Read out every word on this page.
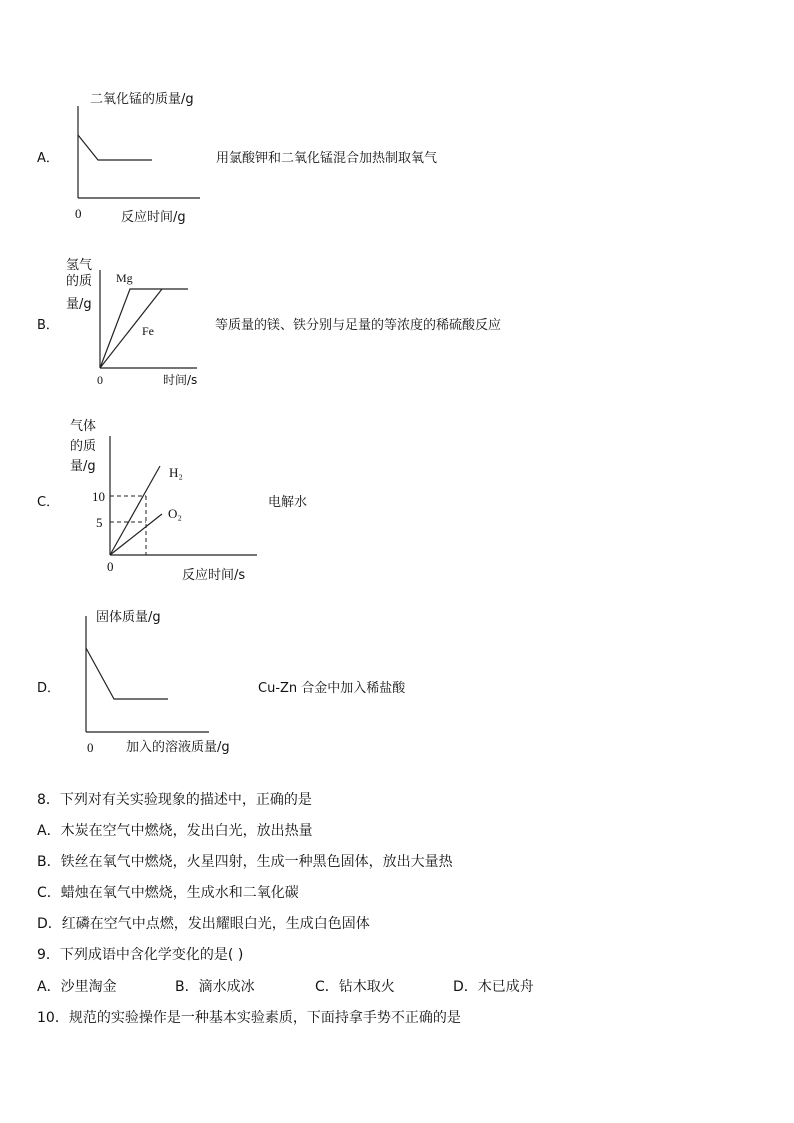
A．
二氧化锰的质量/g
0	反应时间/g
用氯酸钾和二氧化锰混合加热制取氧气
B．
氢气
的质
量/g
Mg
Fe
0	时间/s
等质量的镁、铁分别与足量的等浓度的稀硫酸反应
C．
气体
的质
量/g
10
5
H₂
O₂
0
反应时间/s
电解水
D．
固体质量/g
0	加入的溶液质量/g
Cu-Zn 合金中加入稀盐酸
8．下列对有关实验现象的描述中，正确的是
A．木炭在空气中燃烧，发出白光，放出热量
B．铁丝在氧气中燃烧，火星四射，生成一种黑色固体，放出大量热
C．蜡烛在氧气中燃烧，生成水和二氧化碳
D．红磷在空气中点燃，发出耀眼白光，生成白色固体
9．下列成语中含化学变化的是( )
A．沙里淘金	B．滴水成冰	C．钻木取火	D．木已成舟
10．规范的实验操作是一种基本实验素质，下面持拿手势不正确的是
